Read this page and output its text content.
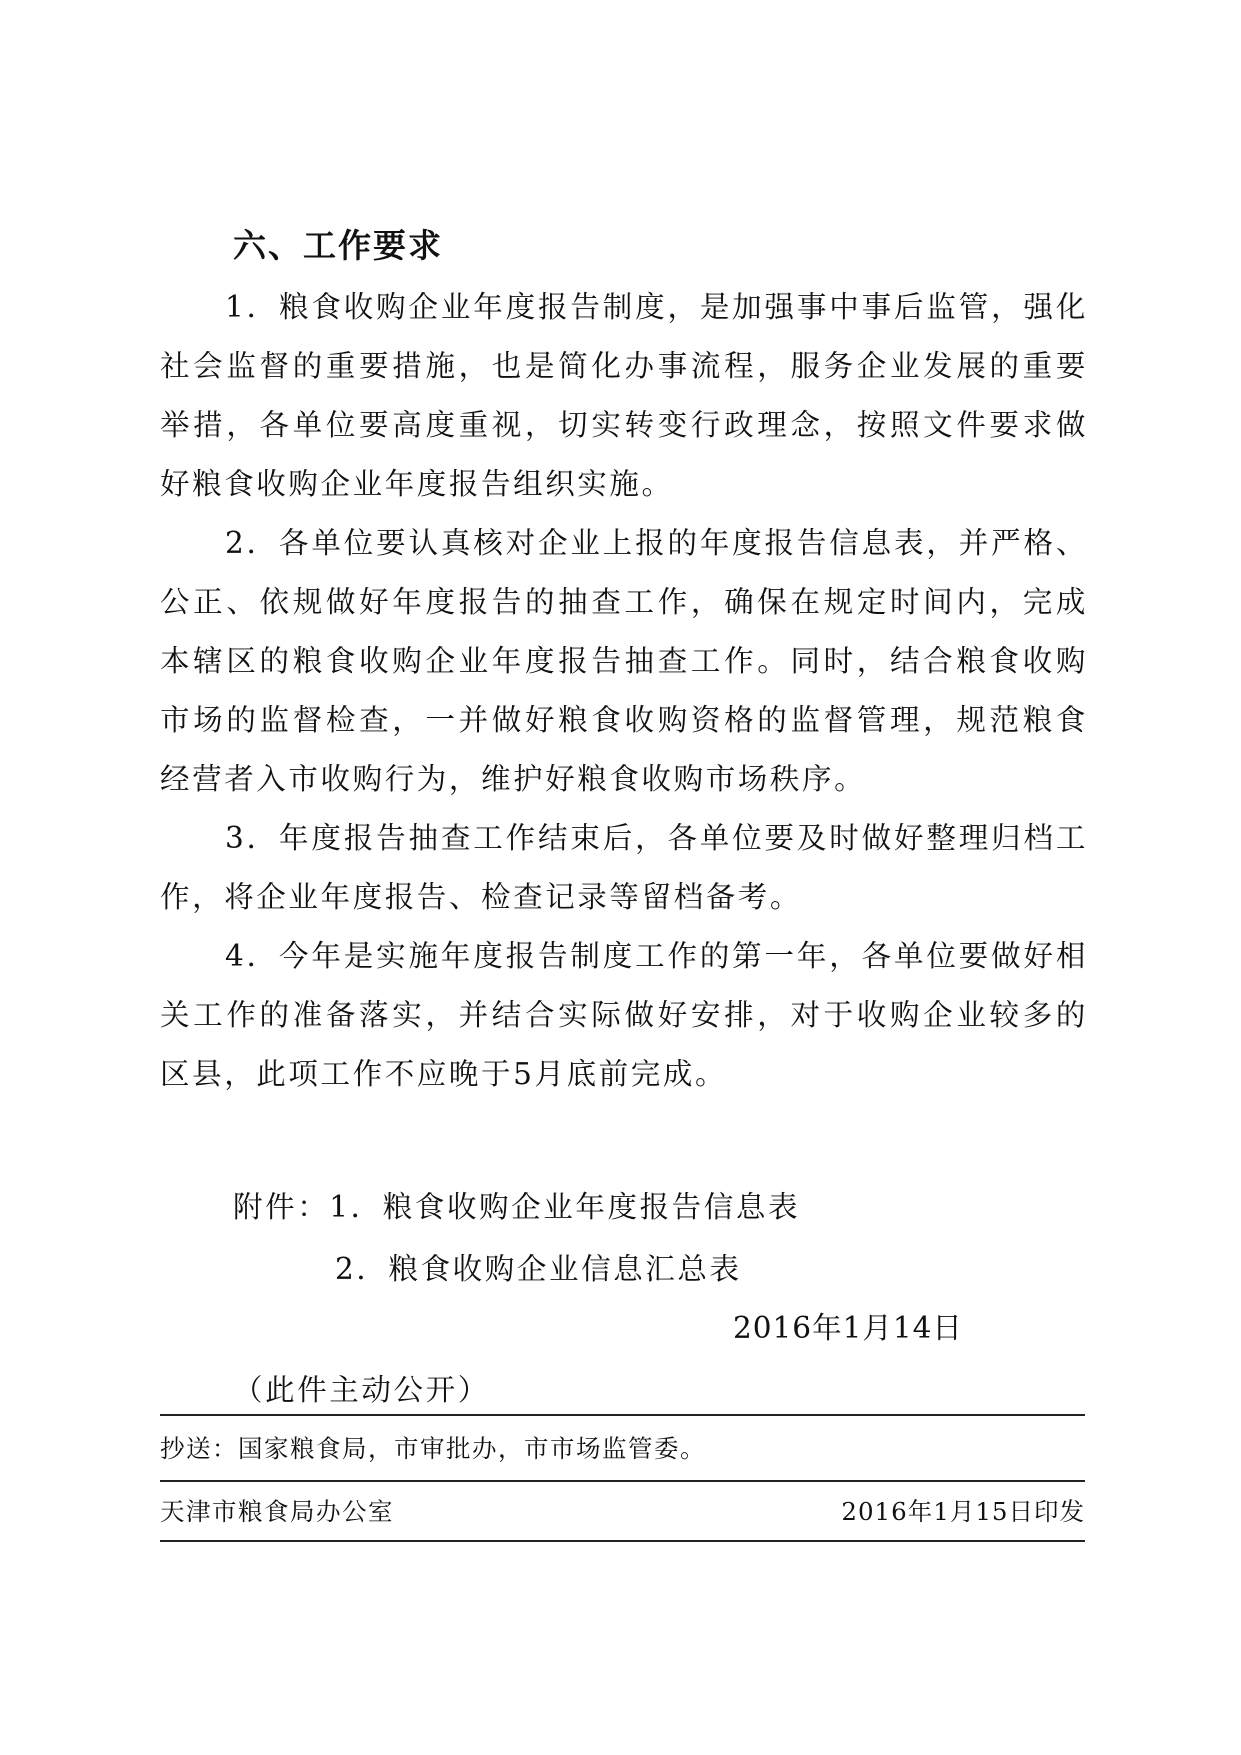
六、工作要求

1．粮食收购企业年度报告制度，是加强事中事后监管，强化社会监督的重要措施，也是简化办事流程，服务企业发展的重要举措，各单位要高度重视，切实转变行政理念，按照文件要求做好粮食收购企业年度报告组织实施。

2．各单位要认真核对企业上报的年度报告信息表，并严格、公正、依规做好年度报告的抽查工作，确保在规定时间内，完成本辖区的粮食收购企业年度报告抽查工作。同时，结合粮食收购市场的监督检查，一并做好粮食收购资格的监督管理，规范粮食经营者入市收购行为，维护好粮食收购市场秩序。

3．年度报告抽查工作结束后，各单位要及时做好整理归档工作，将企业年度报告、检查记录等留档备考。

4．今年是实施年度报告制度工作的第一年，各单位要做好相关工作的准备落实，并结合实际做好安排，对于收购企业较多的区县，此项工作不应晚于5月底前完成。

附件：1．粮食收购企业年度报告信息表

2．粮食收购企业信息汇总表

2016年1月14日

（此件主动公开）

抄送：国家粮食局，市审批办，市市场监管委。

天津市粮食局办公室	2016年1月15日印发
